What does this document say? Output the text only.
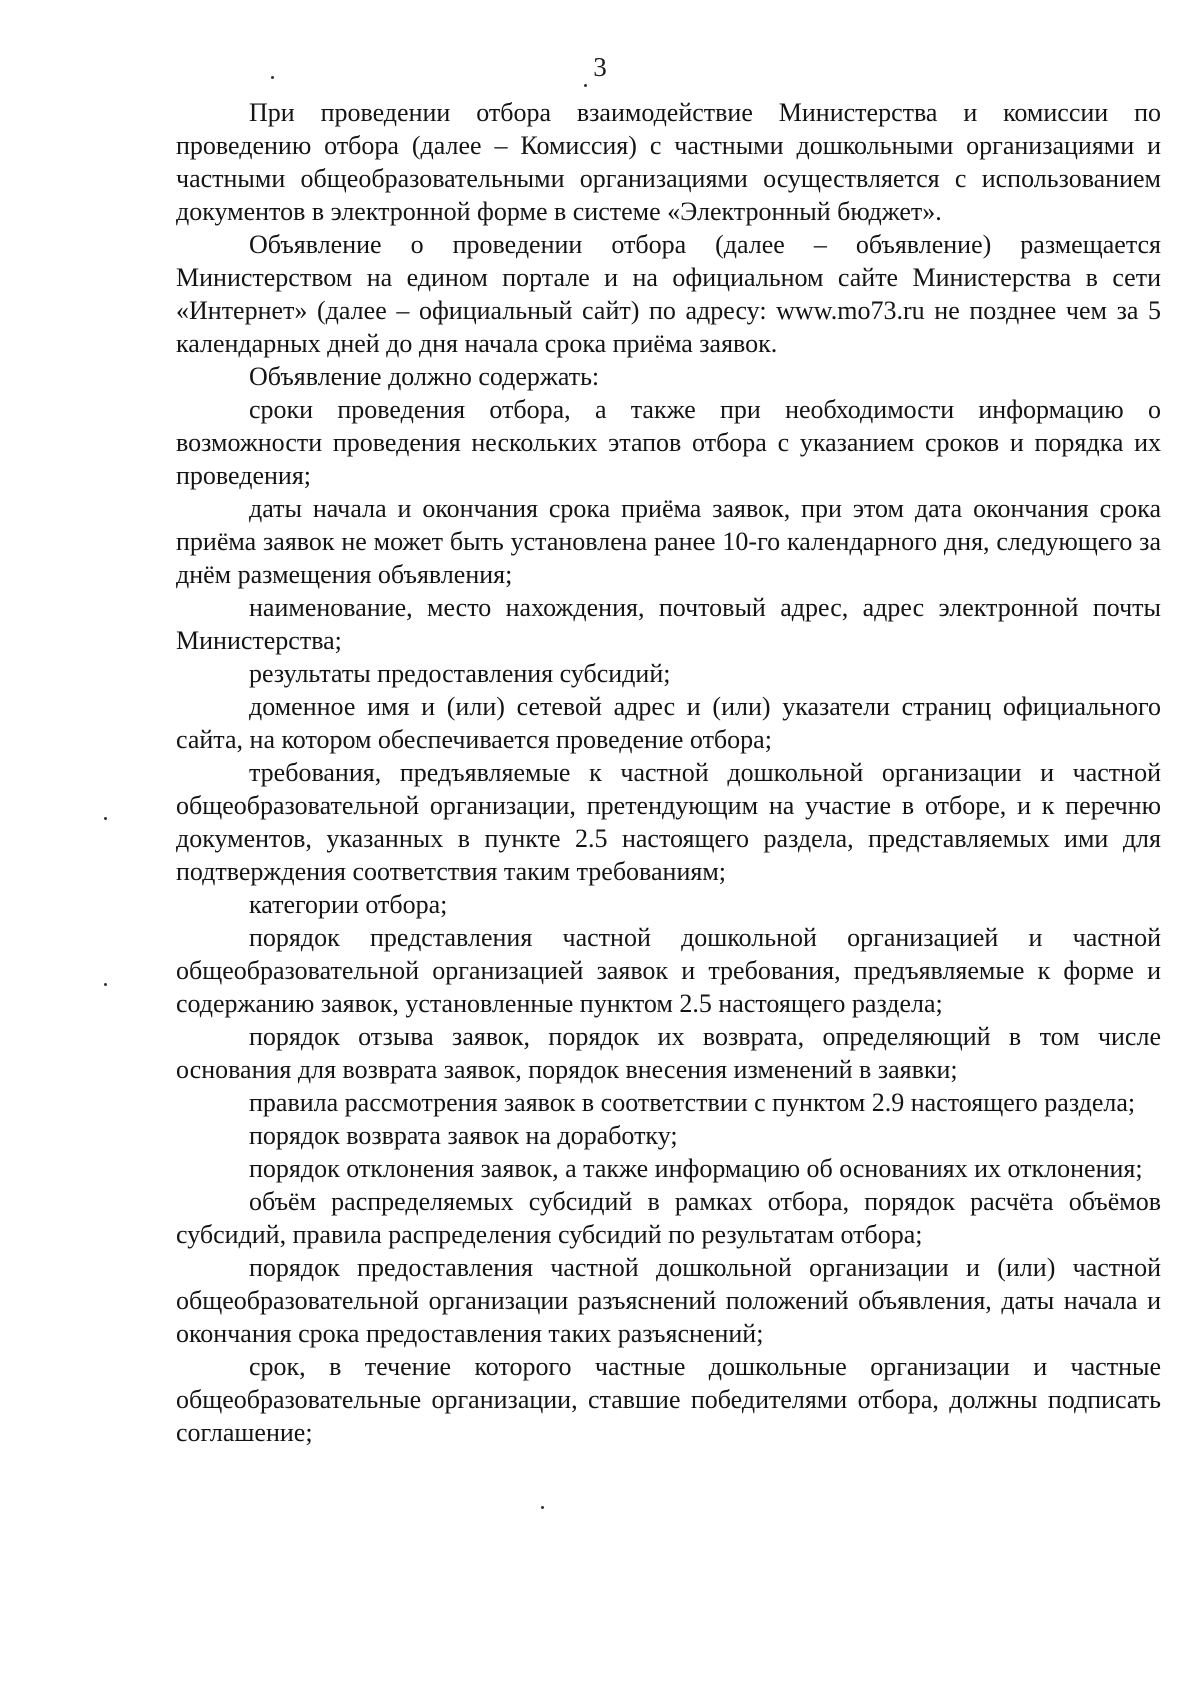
3

При проведении отбора взаимодействие Министерства и комиссии по проведению отбора (далее – Комиссия) с частными дошкольными организациями и частными общеобразовательными организациями осуществляется с использованием документов в электронной форме в системе «Электронный бюджет».

Объявление о проведении отбора (далее – объявление) размещается Министерством на едином портале и на официальном сайте Министерства в сети «Интернет» (далее – официальный сайт) по адресу: www.mo73.ru не позднее чем за 5 календарных дней до дня начала срока приёма заявок.

Объявление должно содержать:

сроки проведения отбора, а также при необходимости информацию о возможности проведения нескольких этапов отбора с указанием сроков и порядка их проведения;

даты начала и окончания срока приёма заявок, при этом дата окончания срока приёма заявок не может быть установлена ранее 10-го календарного дня, следующего за днём размещения объявления;

наименование, место нахождения, почтовый адрес, адрес электронной почты Министерства;

результаты предоставления субсидий;

доменное имя и (или) сетевой адрес и (или) указатели страниц официального сайта, на котором обеспечивается проведение отбора;

требования, предъявляемые к частной дошкольной организации и частной общеобразовательной организации, претендующим на участие в отборе, и к перечню документов, указанных в пункте 2.5 настоящего раздела, представляемых ими для подтверждения соответствия таким требованиям;

категории отбора;

порядок представления частной дошкольной организацией и частной общеобразовательной организацией заявок и требования, предъявляемые к форме и содержанию заявок, установленные пунктом 2.5 настоящего раздела;

порядок отзыва заявок, порядок их возврата, определяющий в том числе основания для возврата заявок, порядок внесения изменений в заявки;

правила рассмотрения заявок в соответствии с пунктом 2.9 настоящего раздела;

порядок возврата заявок на доработку;

порядок отклонения заявок, а также информацию об основаниях их отклонения;

объём распределяемых субсидий в рамках отбора, порядок расчёта объёмов субсидий, правила распределения субсидий по результатам отбора;

порядок предоставления частной дошкольной организации и (или) частной общеобразовательной организации разъяснений положений объявления, даты начала и окончания срока предоставления таких разъяснений;

срок, в течение которого частные дошкольные организации и частные общеобразовательные организации, ставшие победителями отбора, должны подписать соглашение;
